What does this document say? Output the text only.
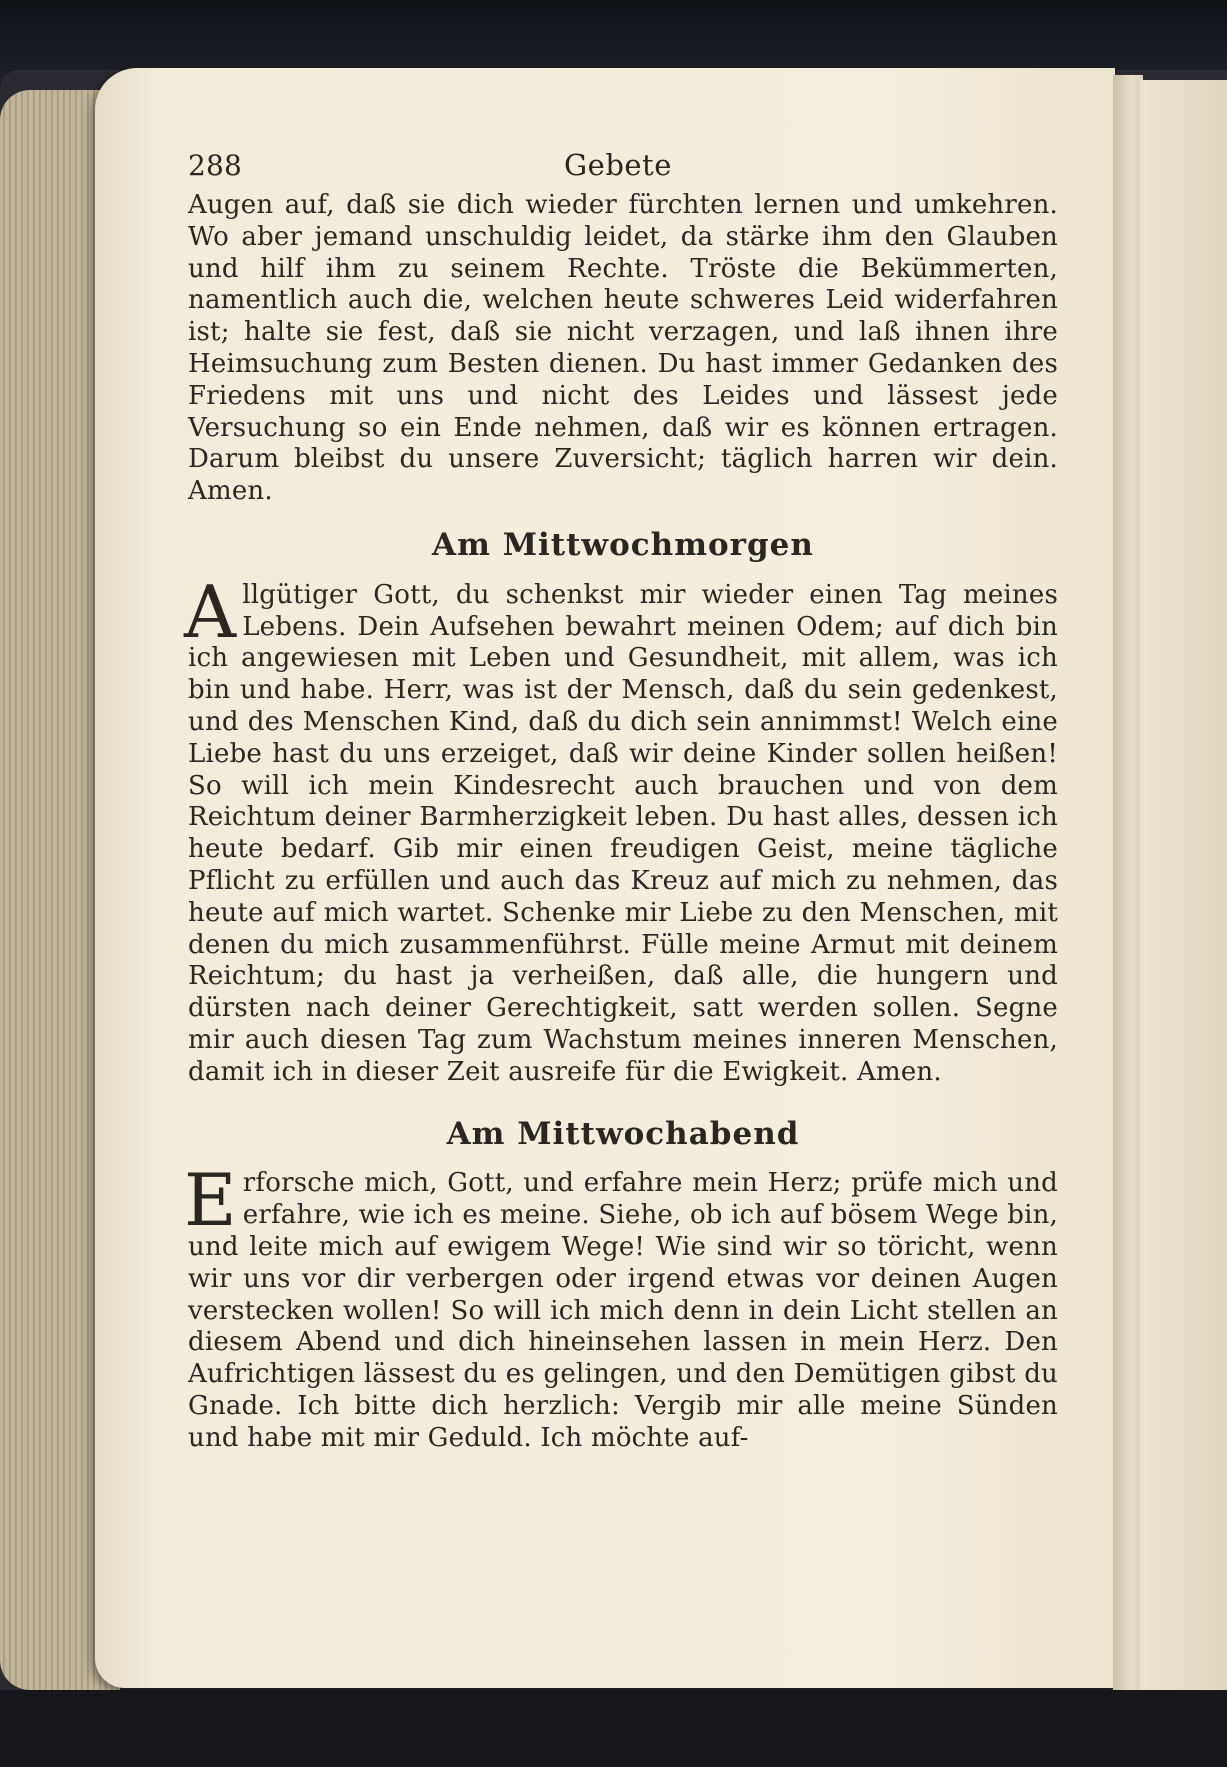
288	Gebete

Augen auf, daß sie dich wieder fürchten lernen und umkehren. Wo aber jemand unschuldig leidet, da stärke ihm den Glauben und hilf ihm zu seinem Rechte. Tröste die Bekümmerten, namentlich auch die, welchen heute schweres Leid widerfahren ist; halte sie fest, daß sie nicht verzagen, und laß ihnen ihre Heimsuchung zum Besten dienen. Du hast immer Gedanken des Friedens mit uns und nicht des Leides und lässest jede Versuchung so ein Ende nehmen, daß wir es können ertragen. Darum bleibst du unsere Zuversicht; täglich harren wir dein. Amen.

Am Mittwochmorgen

A llgütiger Gott, du schenkst mir wieder einen Tag meines Lebens. Dein Aufsehen bewahrt meinen Odem; auf dich bin ich angewiesen mit Leben und Gesundheit, mit allem, was ich bin und habe. Herr, was ist der Mensch, daß du sein gedenkest, und des Menschen Kind, daß du dich sein annimmst! Welch eine Liebe hast du uns erzeiget, daß wir deine Kinder sollen heißen! So will ich mein Kindesrecht auch brauchen und von dem Reichtum deiner Barmherzigkeit leben. Du hast alles, dessen ich heute bedarf. Gib mir einen freudigen Geist, meine tägliche Pflicht zu erfüllen und auch das Kreuz auf mich zu nehmen, das heute auf mich wartet. Schenke mir Liebe zu den Menschen, mit denen du mich zusammenführst. Fülle meine Armut mit deinem Reichtum; du hast ja verheißen, daß alle, die hungern und dürsten nach deiner Gerechtigkeit, satt werden sollen. Segne mir auch diesen Tag zum Wachstum meines inneren Menschen, damit ich in dieser Zeit ausreife für die Ewigkeit. Amen.

Am Mittwochabend

E rforsche mich, Gott, und erfahre mein Herz; prüfe mich und erfahre, wie ich es meine. Siehe, ob ich auf bösem Wege bin, und leite mich auf ewigem Wege! Wie sind wir so töricht, wenn wir uns vor dir verbergen oder irgend etwas vor deinen Augen verstecken wollen! So will ich mich denn in dein Licht stellen an diesem Abend und dich hineinsehen lassen in mein Herz. Den Aufrichtigen lässest du es gelingen, und den Demütigen gibst du Gnade. Ich bitte dich herzlich: Vergib mir alle meine Sünden und habe mit mir Geduld. Ich möchte auf-
